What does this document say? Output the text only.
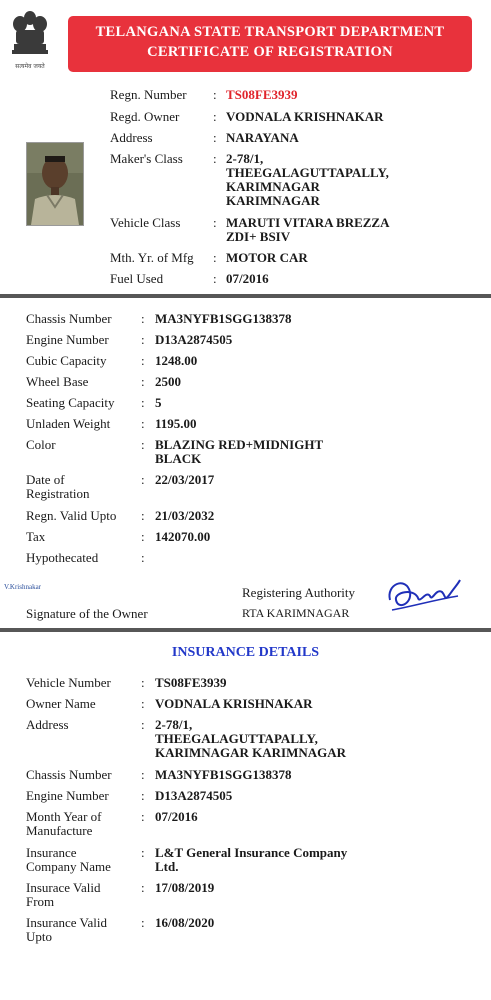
सत्यमेव जयते
TELANGANA STATE TRANSPORT DEPARTMENT
CERTIFICATE OF REGISTRATION
Regn. Number	: TS08FE3939
Regd. Owner	: VODNALA KRISHNAKAR
Address	: NARAYANA
Maker's Class	: 2-78/1,
THEEGALAGUTTAPALLY,
KARIMNAGAR
KARIMNAGAR
Vehicle Class	: MARUTI VITARA BREZZA
ZDI+ BSIV
Mth. Yr. of Mfg	: MOTOR CAR
Fuel Used	: 07/2016
Chassis Number	: MA3NYFB1SGG138378
Engine Number	: D13A2874505
Cubic Capacity	: 1248.00
Wheel Base	: 2500
Seating Capacity	: 5
Unladen Weight	: 1195.00
Color	: BLAZING RED+MIDNIGHT
BLACK
Date of
Registration
: 22/03/2017
Regn. Valid Upto	: 21/03/2032
Tax	: 142070.00
Hypothecated	:
V.Krishnakar
Signature of the Owner
Registering Authority
RTA KARIMNAGAR
INSURANCE DETAILS
Vehicle Number	: TS08FE3939
Owner Name	: VODNALA KRISHNAKAR
Address	: 2-78/1,
THEEGALAGUTTAPALLY,
KARIMNAGAR KARIMNAGAR
Chassis Number	: MA3NYFB1SGG138378
Engine Number	: D13A2874505
Month Year of
Manufacture
: 07/2016
Insurance
Company Name
: L&T General Insurance Company
Ltd.
Insurace Valid
From
: 17/08/2019
Insurance Valid
Upto
: 16/08/2020
